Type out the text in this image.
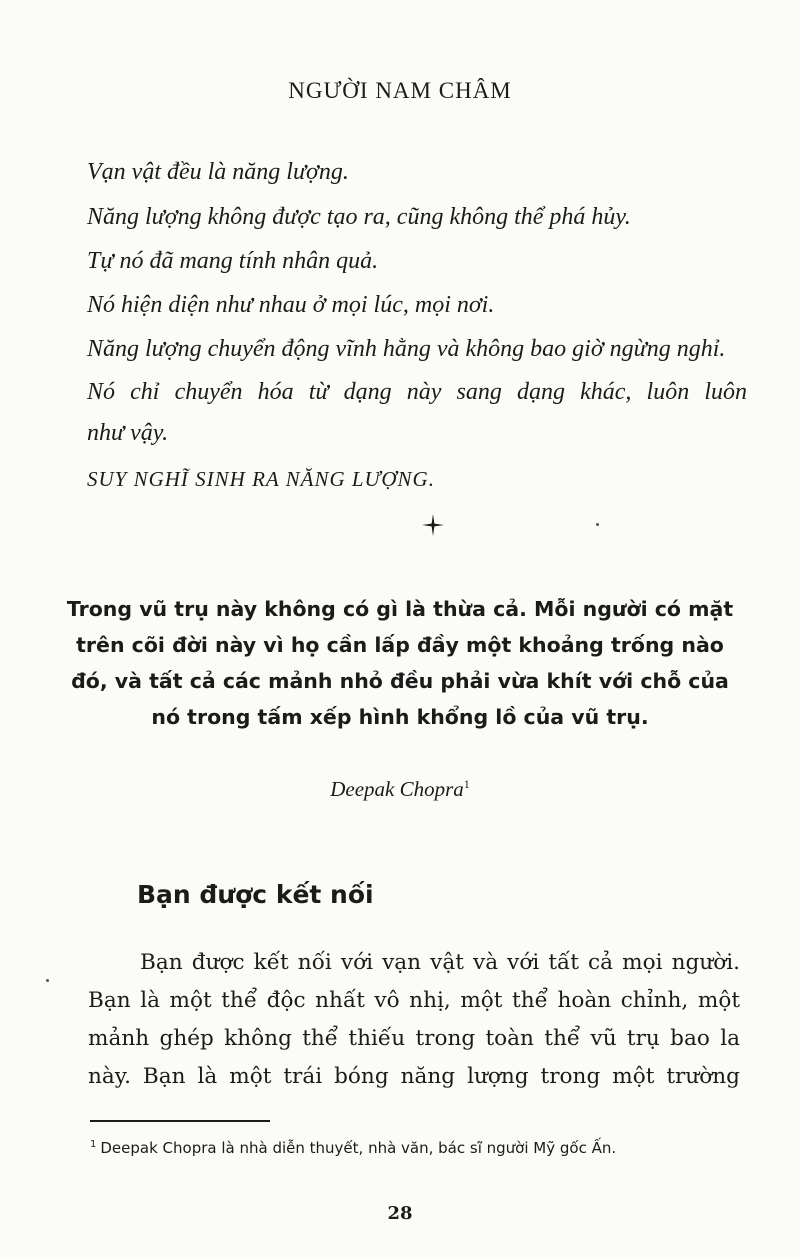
NGƯỜI NAM CHÂM
Vạn vật đều là năng lượng.
Năng lượng không được tạo ra, cũng không thể phá hủy.
Tự nó đã mang tính nhân quả.
Nó hiện diện như nhau ở mọi lúc, mọi nơi.
Năng lượng chuyển động vĩnh hằng và không bao giờ ngừng nghỉ.
Nó chỉ chuyển hóa từ dạng này sang dạng khác, luôn luôn
như vậy.
SUY NGHĨ SINH RA NĂNG LƯỢNG.
Trong vũ trụ này không có gì là thừa cả. Mỗi người có mặt
trên cõi đời này vì họ cần lấp đầy một khoảng trống nào
đó, và tất cả các mảnh nhỏ đều phải vừa khít với chỗ của
nó trong tấm xếp hình khổng lồ của vũ trụ.
Deepak Chopra$^1$
Bạn được kết nối
Bạn được kết nối với vạn vật và với tất cả mọi người.
Bạn là một thể độc nhất vô nhị, một thể hoàn chỉnh, một
mảnh ghép không thể thiếu trong toàn thể vũ trụ bao la
này. Bạn là một trái bóng năng lượng trong một trường
$^1$ Deepak Chopra là nhà diễn thuyết, nhà văn, bác sĩ người Mỹ gốc Ấn.
28
